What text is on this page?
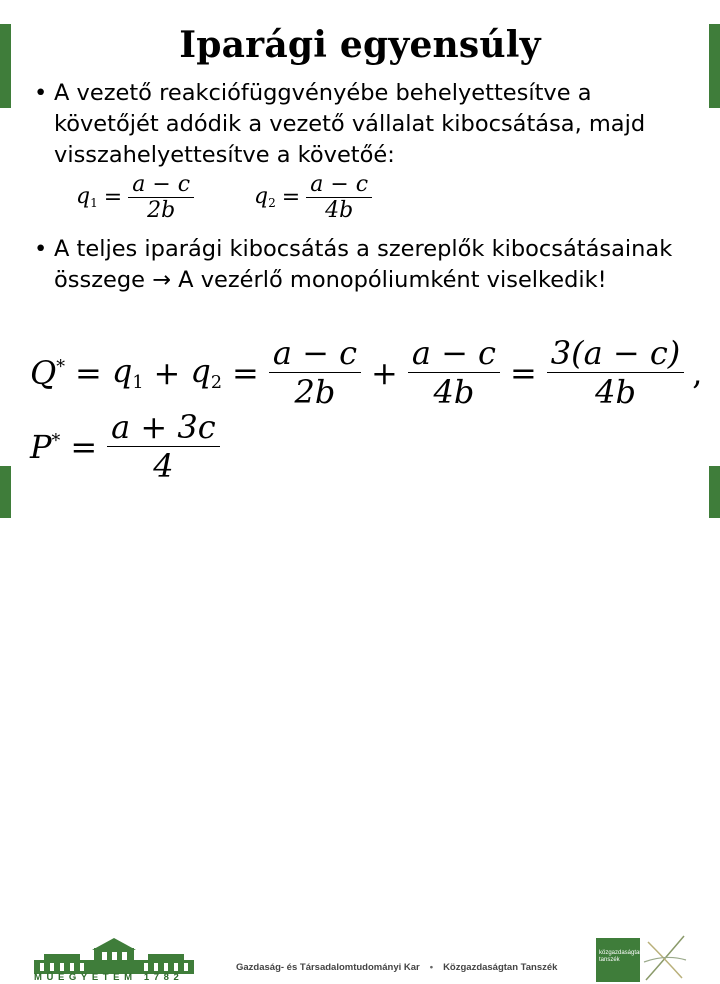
Iparági egyensúly
• A vezető reakciófüggvényébe behelyettesítve a követőjét adódik a vezető vállalat kibocsátása, majd visszahelyettesítve a követőé:
$q_1 = \frac{a - c}{2b}$	$q_2 = \frac{a - c}{4b}$
• A teljes iparági kibocsátás a szereplők kibocsátásainak összege → A vezérlő monopóliumként viselkedik!
$Q^* = q_1 + q_2 = \frac{a - c}{2b} + \frac{a - c}{4b} = \frac{3(a - c)}{4b}$ ,
$P^* = \frac{a + 3c}{4}$
MŰEGYETEM 1782
Gazdaság- és Társadalomtudományi Kar • Közgazdaságtan Tanszék
közgazdaságtan tanszék
